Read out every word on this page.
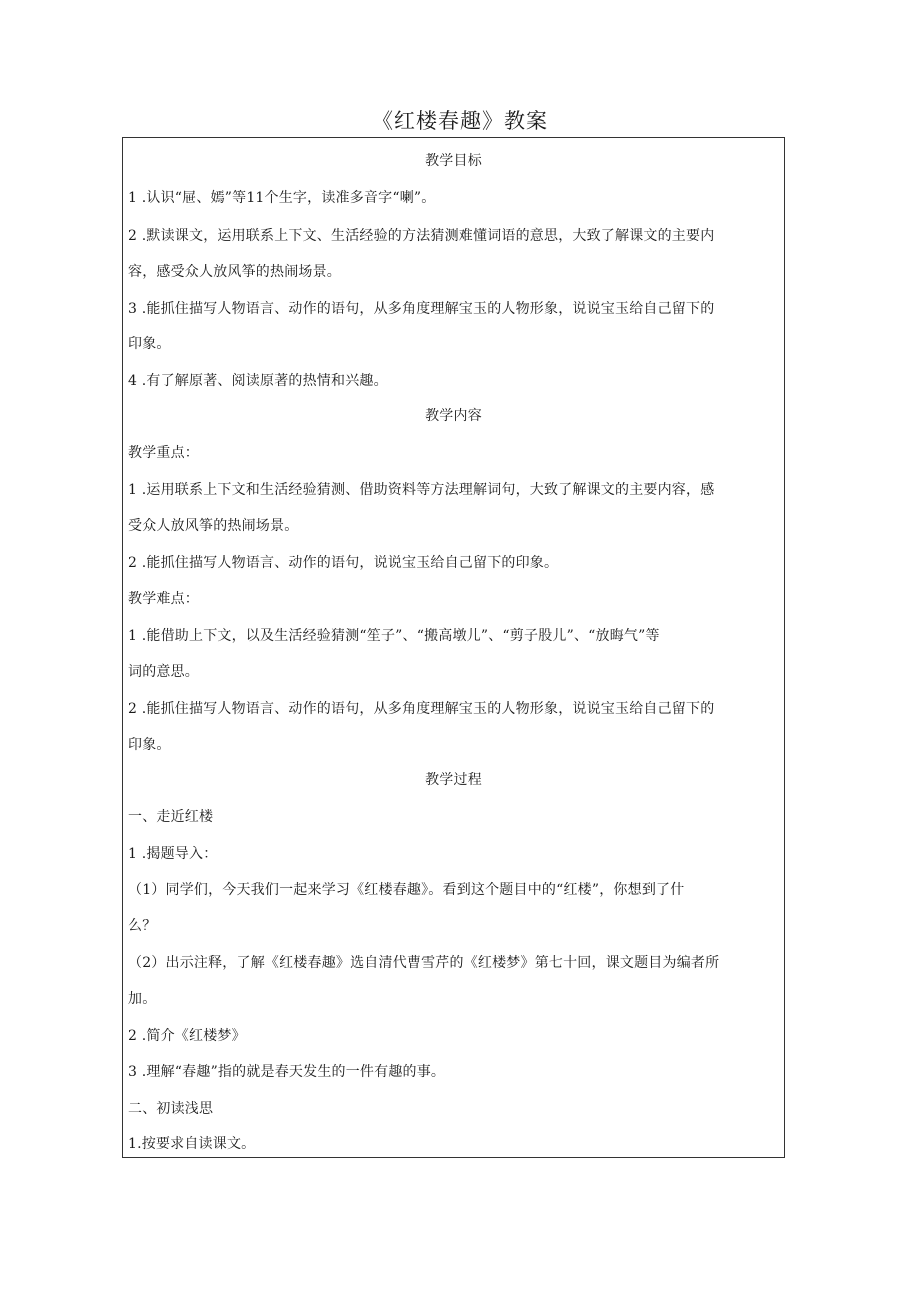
《红楼春趣》教案
教学目标
1 .认识“屉、嫣”等11个生字，读准多音字“喇”。
2 .默读课文，运用联系上下文、生活经验的方法猜测难懂词语的意思，大致了解课文的主要内
容，感受众人放风筝的热闹场景。
3 .能抓住描写人物语言、动作的语句，从多角度理解宝玉的人物形象，说说宝玉给自己留下的
印象。
4 .有了解原著、阅读原著的热情和兴趣。
教学内容
教学重点：
1 .运用联系上下文和生活经验猜测、借助资料等方法理解词句，大致了解课文的主要内容，感
受众人放风筝的热闹场景。
2 .能抓住描写人物语言、动作的语句，说说宝玉给自己留下的印象。
教学难点：
1 .能借助上下文，以及生活经验猜测“笙子”、“搬高墩儿”、“剪子股儿”、“放晦气”等
词的意思。
2 .能抓住描写人物语言、动作的语句，从多角度理解宝玉的人物形象，说说宝玉给自己留下的
印象。
教学过程
一、走近红楼
1 .揭题导入：
（1）同学们，今天我们一起来学习《红楼春趣》。看到这个题目中的“红楼”，你想到了什
么？
（2）出示注释，了解《红楼春趣》选自清代曹雪芹的《红楼梦》第七十回，课文题目为编者所
加。
2 .简介《红楼梦》
3 .理解“春趣”指的就是春天发生的一件有趣的事。
二、初读浅思
1.按要求自读课文。
